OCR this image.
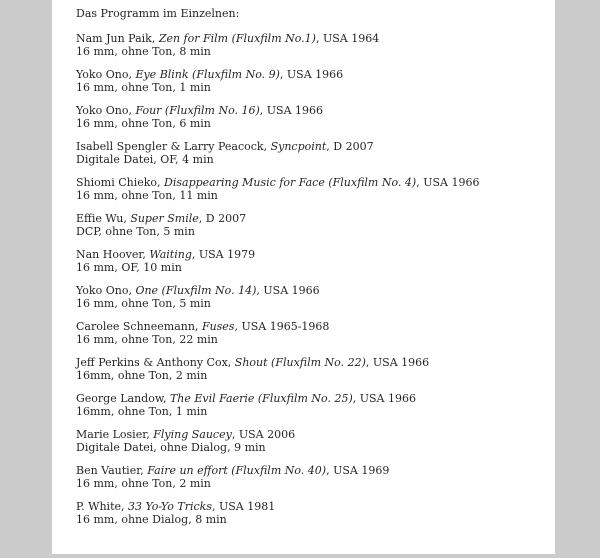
Das Programm im Einzelnen:

Nam Jun Paik, Zen for Film (Fluxfilm No.1), USA 1964

16 mm, ohne Ton, 8 min

Yoko Ono, Eye Blink (Fluxfilm No. 9), USA 1966

16 mm, ohne Ton, 1 min

Yoko Ono, Four (Fluxfilm No. 16), USA 1966

16 mm, ohne Ton, 6 min

Isabell Spengler & Larry Peacock, Syncpoint, D 2007

Digitale Datei, OF, 4 min

Shiomi Chieko, Disappearing Music for Face (Fluxfilm No. 4), USA 1966

16 mm, ohne Ton, 11 min

Effie Wu, Super Smile, D 2007

DCP, ohne Ton, 5 min

Nan Hoover, Waiting, USA 1979

16 mm, OF, 10 min

Yoko Ono, One (Fluxfilm No. 14), USA 1966

16 mm, ohne Ton, 5 min

Carolee Schneemann, Fuses, USA 1965-1968

16 mm, ohne Ton, 22 min

Jeff Perkins & Anthony Cox, Shout (Fluxfilm No. 22), USA 1966

16mm, ohne Ton, 2 min

George Landow, The Evil Faerie (Fluxfilm No. 25), USA 1966

16mm, ohne Ton, 1 min

Marie Losier, Flying Saucey, USA 2006

Digitale Datei, ohne Dialog, 9 min

Ben Vautier, Faire un effort (Fluxfilm No. 40), USA 1969

16 mm, ohne Ton, 2 min

P. White, 33 Yo-Yo Tricks, USA 1981

16 mm, ohne Dialog, 8 min
